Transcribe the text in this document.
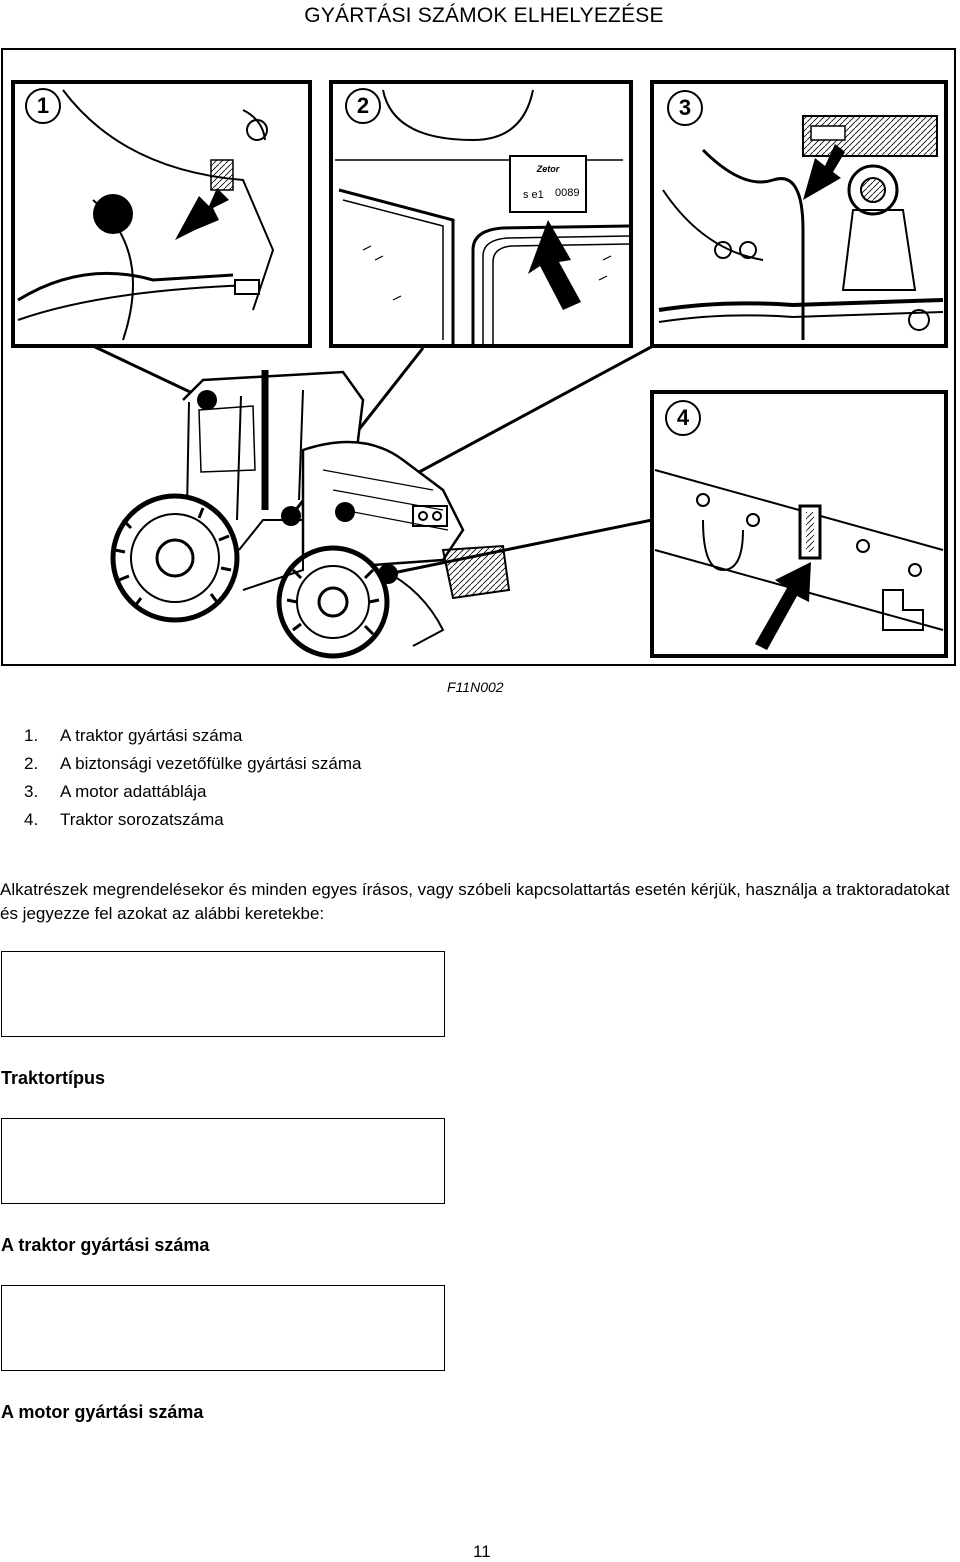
GYÁRTÁSI SZÁMOK ELHELYEZÉSE
1
Zetor
s e1 0089
2	3
4
F11N002
1. A traktor gyártási száma
2. A biztonsági vezetőfülke gyártási száma
3. A motor adattáblája
4. Traktor sorozatszáma
Alkatrészek megrendelésekor és minden egyes írásos, vagy szóbeli kapcsolattartás esetén kérjük, használja a traktoradatokat és jegyezze fel azokat az alábbi keretekbe:
Traktortípus
A traktor gyártási száma
A motor gyártási száma
11
